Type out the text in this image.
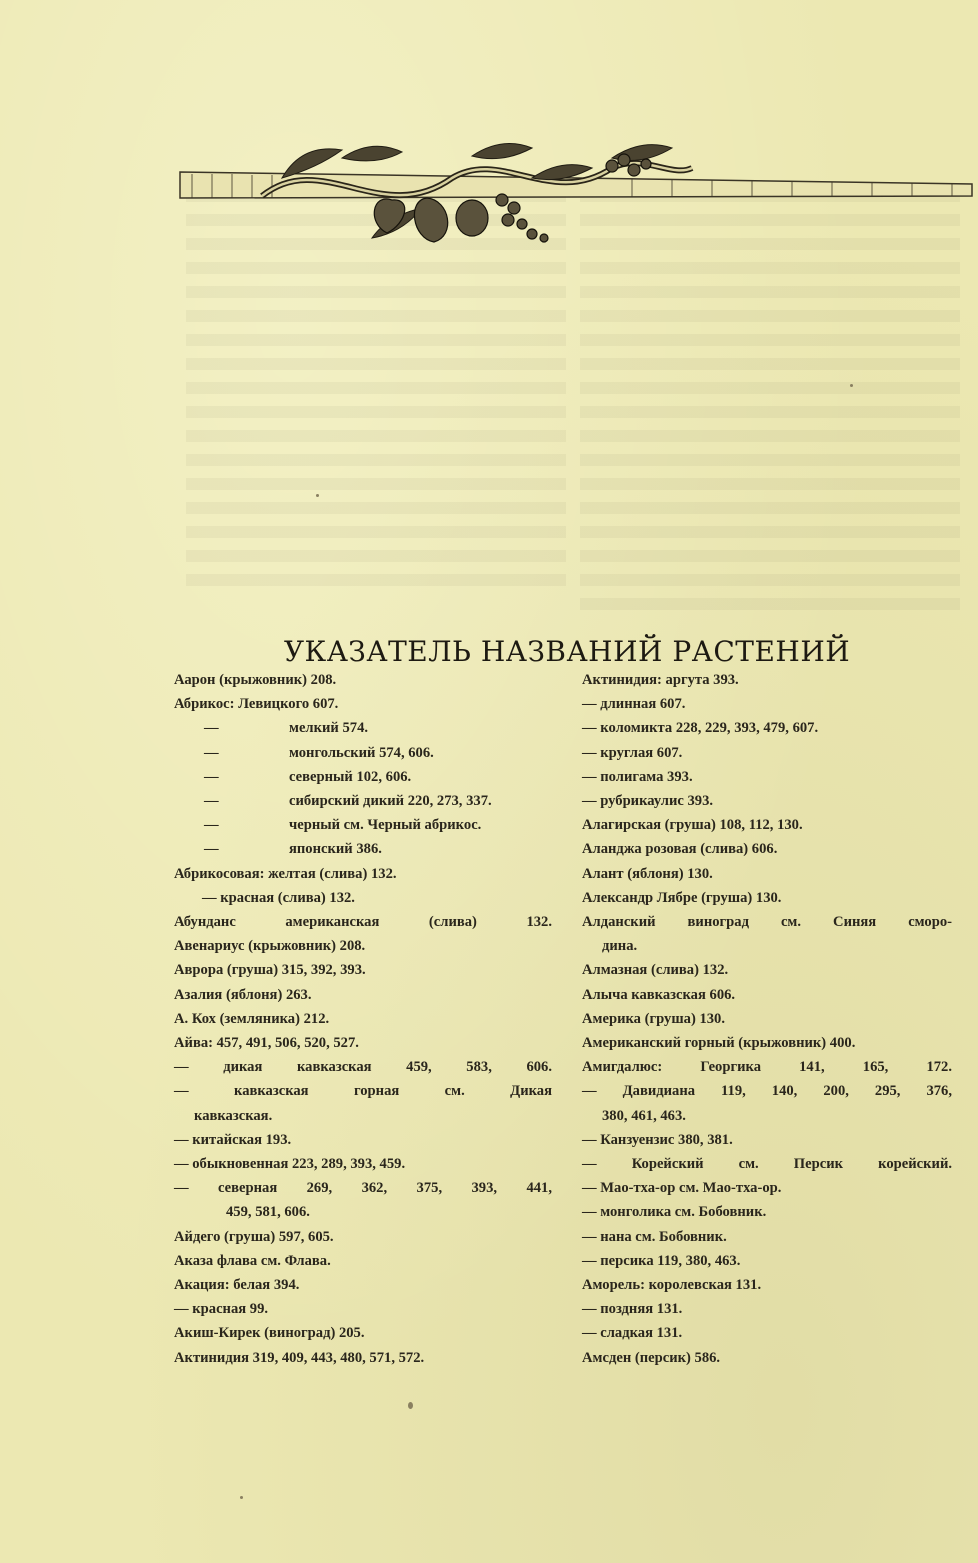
УКАЗАТЕЛЬ НАЗВАНИЙ РАСТЕНИЙ
Аарон (крыжовник) 208.
Абрикос: Левицкого 607.
—	мелкий 574.
—	монгольский 574, 606.
—	северный 102, 606.
—	сибирский дикий 220, 273, 337.
—	черный см. Черный абрикос.
—	японский 386.
Абрикосовая: желтая (слива) 132.
— красная (слива) 132.
Абунданс американская (слива) 132.
Авенариус (крыжовник) 208.
Аврора (груша) 315, 392, 393.
Азалия (яблоня) 263.
А. Кох (земляника) 212.
Айва: 457, 491, 506, 520, 527.
— дикая кавказская 459, 583, 606.
— кавказская горная см. Дикая
кавказская.
— китайская 193.
— обыкновенная 223, 289, 393, 459.
— северная 269, 362, 375, 393, 441,
459, 581, 606.
Айдего (груша) 597, 605.
Аказа флава см. Флава.
Акация: белая 394.
— красная 99.
Акиш-Кирек (виноград) 205.
Актинидия 319, 409, 443, 480, 571, 572.
Актинидия: аргута 393.
— длинная 607.
— коломикта 228, 229, 393, 479, 607.
— круглая 607.
— полигама 393.
— рубрикаулис 393.
Алагирская (груша) 108, 112, 130.
Аланджа розовая (слива) 606.
Алант (яблоня) 130.
Александр Лябре (груша) 130.
Алданский виноград см. Синяя сморо-
дина.
Алмазная (слива) 132.
Алыча кавказская 606.
Америка (груша) 130.
Американский горный (крыжовник) 400.
Амигдалюс: Георгика 141, 165, 172.
— Давидиана 119, 140, 200, 295, 376,
380, 461, 463.
— Канзуензис 380, 381.
— Корейский см. Персик корейский.
— Мао-тха-ор см. Мао-тха-ор.
— монголика см. Бобовник.
— нана см. Бобовник.
— персика 119, 380, 463.
Аморель: королевская 131.
— поздняя 131.
— сладкая 131.
Амсден (персик) 586.
